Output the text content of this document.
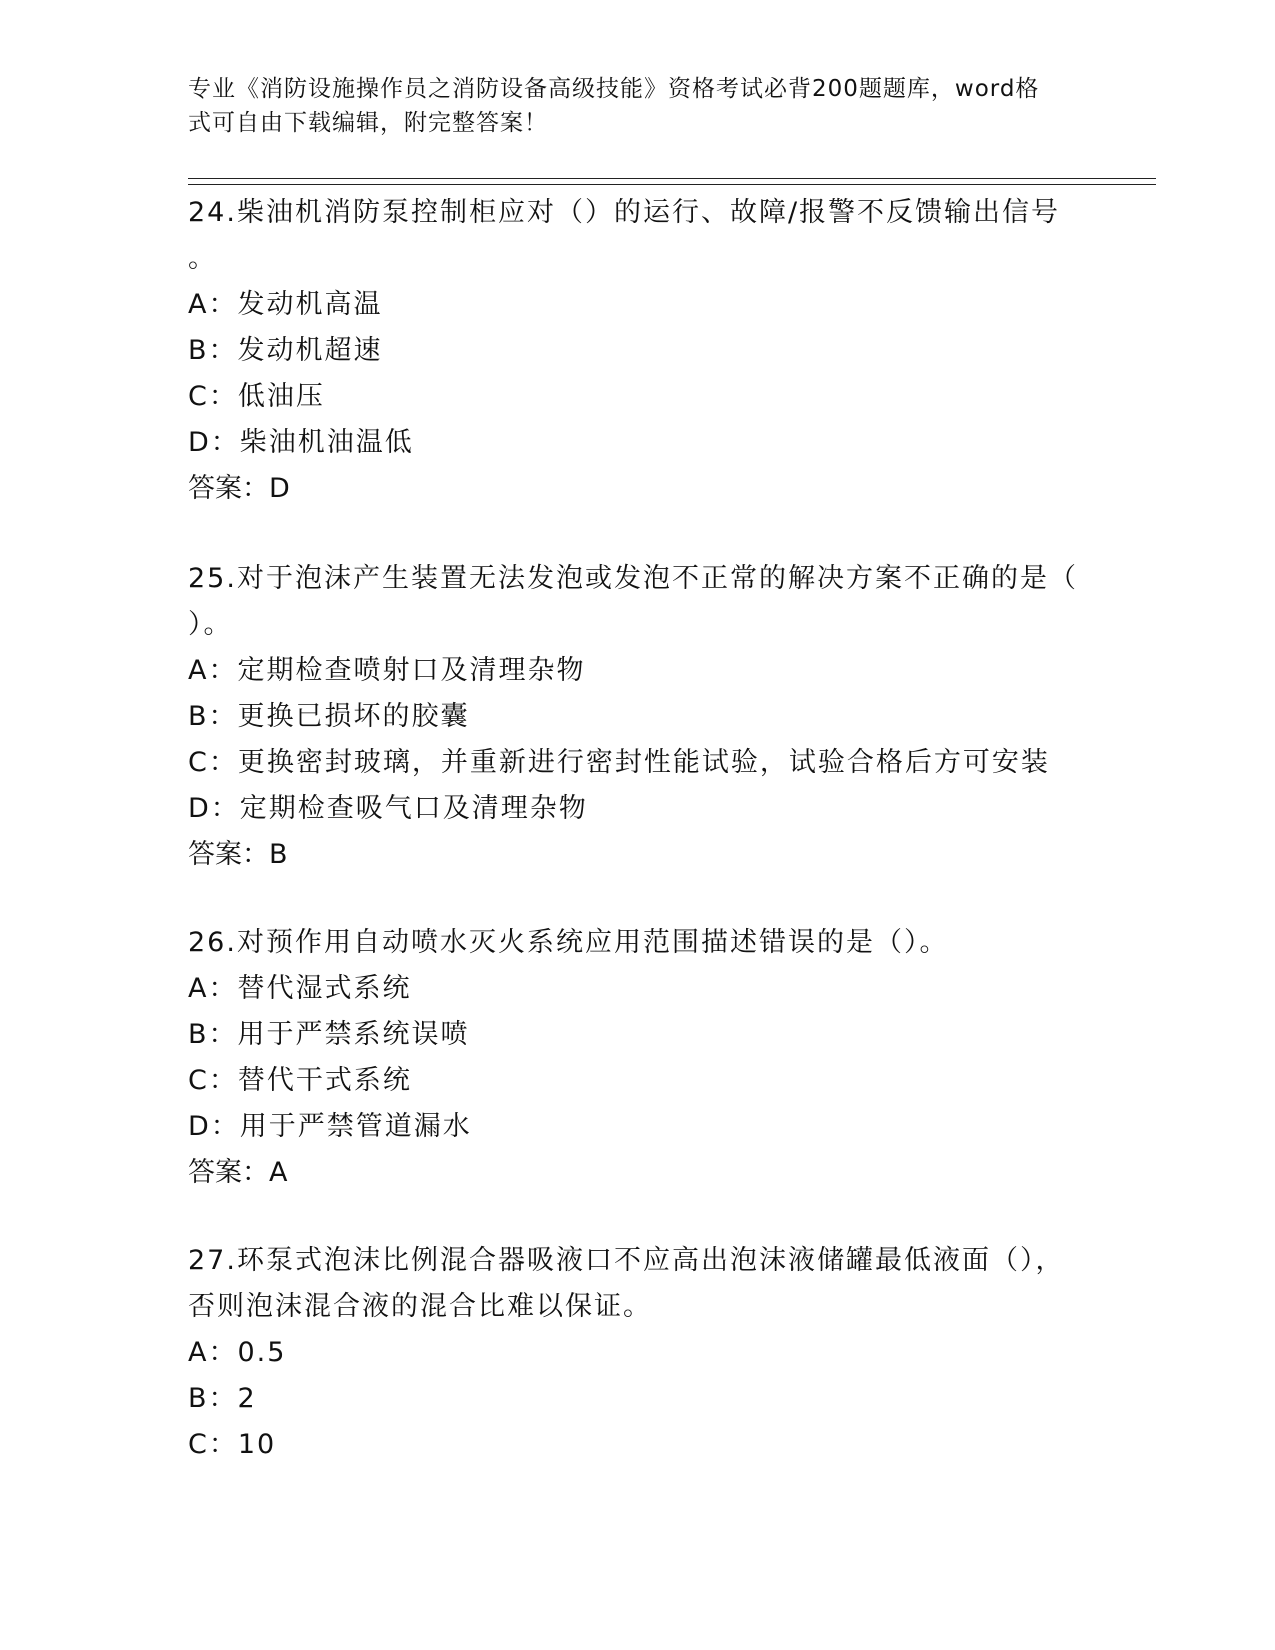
专业《消防设施操作员之消防设备高级技能》资格考试必背200题题库，word格
式可自由下载编辑，附完整答案！
24.柴油机消防泵控制柜应对（）的运行、故障/报警不反馈输出信号
。
A：发动机高温
B：发动机超速
C：低油压
D：柴油机油温低
答案：D
25.对于泡沫产生装置无法发泡或发泡不正常的解决方案不正确的是（
）。
A：定期检查喷射口及清理杂物
B：更换已损坏的胶囊
C：更换密封玻璃，并重新进行密封性能试验，试验合格后方可安装
D：定期检查吸气口及清理杂物
答案：B
26.对预作用自动喷水灭火系统应用范围描述错误的是（）。
A：替代湿式系统
B：用于严禁系统误喷
C：替代干式系统
D：用于严禁管道漏水
答案：A
27.环泵式泡沫比例混合器吸液口不应高出泡沫液储罐最低液面（），
否则泡沫混合液的混合比难以保证。
A：0.5
B：2
C：10
